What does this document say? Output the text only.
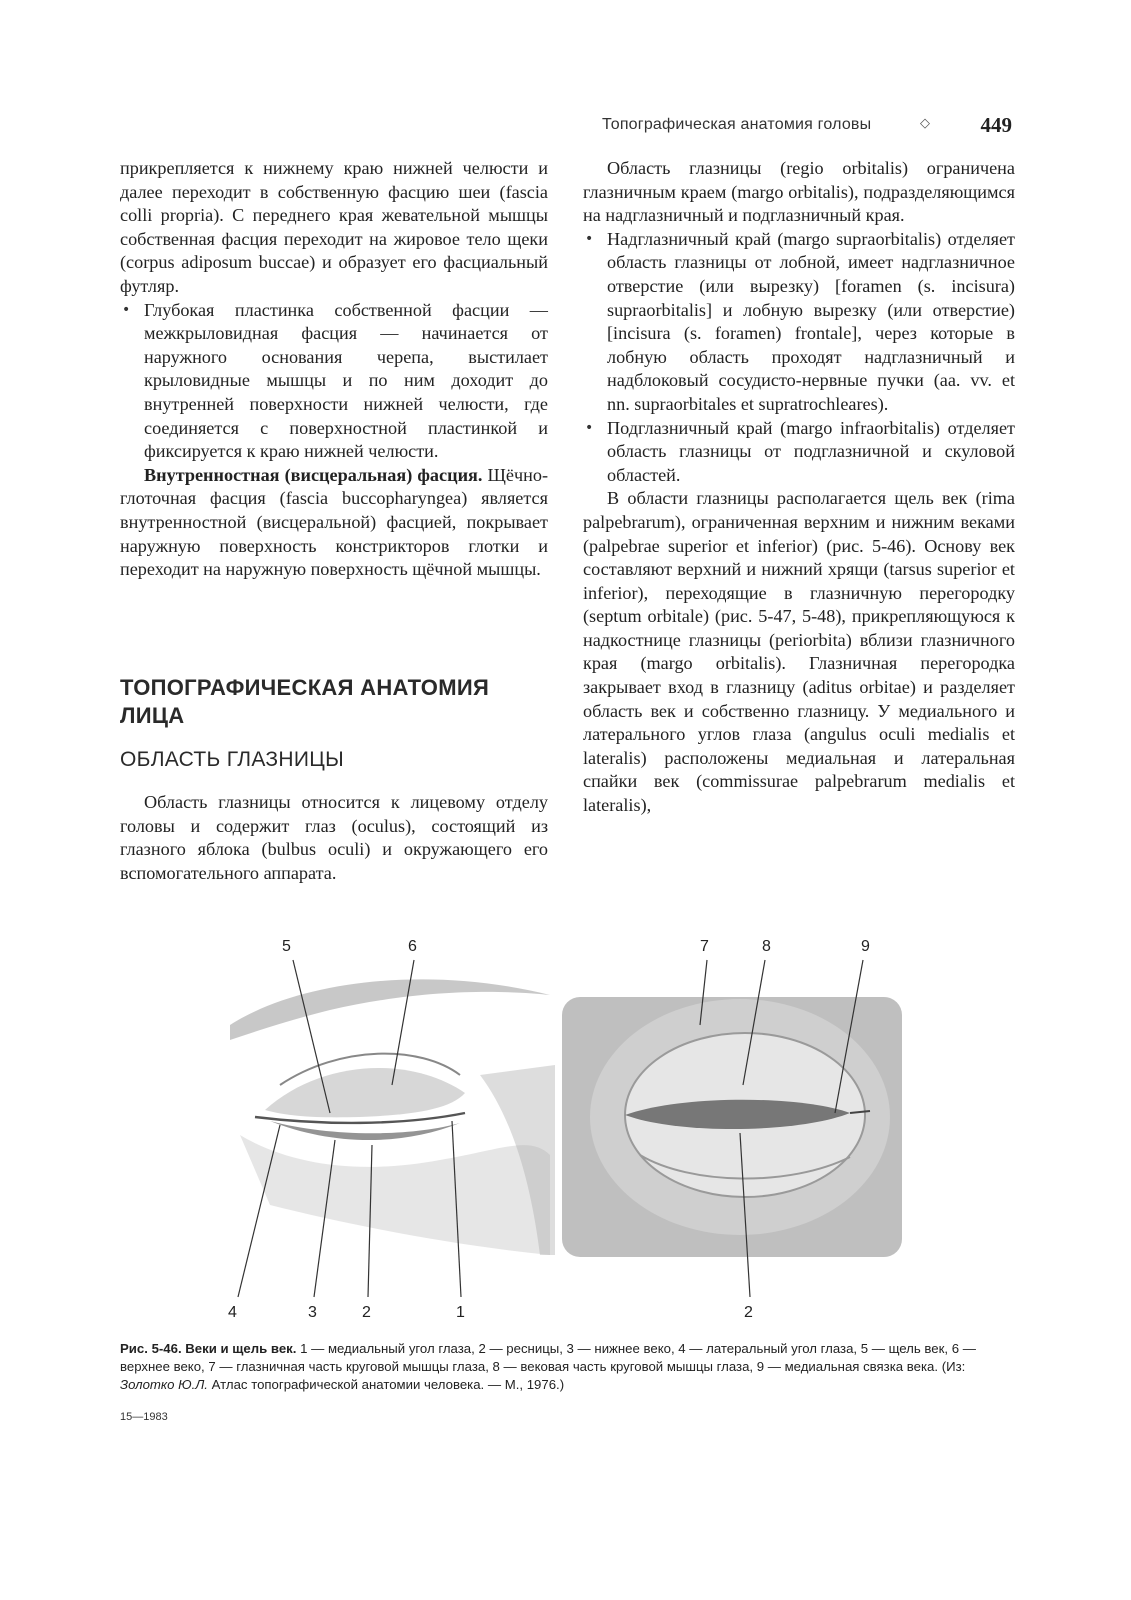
Топографическая анатомия головы	◇ 449

прикрепляется к нижнему краю нижней челюсти и далее переходит в собственную фасцию шеи (fascia colli propria). С переднего края жевательной мышцы собственная фасция переходит на жировое тело щеки (corpus adiposum buccae) и образует его фасциальный футляр.

• Глубокая пластинка собственной фасции — межкрыловидная фасция — начинается от наружного основания черепа, выстилает крыловидные мышцы и по ним доходит до внутренней поверхности нижней челюсти, где соединяется с поверхностной пластинкой и фиксируется к краю нижней челюсти.

Внутренностная (висцеральная) фасция. Щёчно-глоточная фасция (fascia buccopharyngea) является внутренностной (висцеральной) фасцией, покрывает наружную поверхность констрикторов глотки и переходит на наружную поверхность щёчной мышцы.

ТОПОГРАФИЧЕСКАЯ АНАТОМИЯ ЛИЦА
ОБЛАСТЬ ГЛАЗНИЦЫ

Область глазницы относится к лицевому отделу головы и содержит глаз (oculus), состоящий из глазного яблока (bulbus oculi) и окружающего его вспомогательного аппарата.

Область глазницы (regio orbitalis) ограничена глазничным краем (margo orbitalis), подразделяющимся на надглазничный и подглазничный края.

• Надглазничный край (margo supraorbitalis) отделяет область глазницы от лобной, имеет надглазничное отверстие (или вырезку) [foramen (s. incisura) supraorbitalis] и лобную вырезку (или отверстие) [incisura (s. foramen) frontale], через которые в лобную область проходят надглазничный и надблоковый сосудисто-нервные пучки (aa. vv. et nn. supraorbitales et supratrochleares).

• Подглазничный край (margo infraorbitalis) отделяет область глазницы от подглазничной и скуловой областей.

В области глазницы располагается щель век (rima palpebrarum), ограниченная верхним и нижним веками (palpebrae superior et inferior) (рис. 5-46). Основу век составляют верхний и нижний хрящи (tarsus superior et inferior), переходящие в глазничную перегородку (septum orbitale) (рис. 5-47, 5-48), прикрепляющуюся к надкостнице глазницы (periorbita) вблизи глазничного края (margo orbitalis). Глазничная перегородка закрывает вход в глазницу (aditus orbitae) и разделяет область век и собственно глазницу. У медиального и латерального углов глаза (angulus oculi medialis et lateralis) расположены медиальная и латеральная спайки век (commissurae palpebrarum medialis et lateralis),

5	6	7	8	9
4	3	2	1	2
Рис. 5-46. Веки и щель век. 1 — медиальный угол глаза, 2 — ресницы, 3 — нижнее веко, 4 — латеральный угол глаза, 5 — щель век, 6 — верхнее веко, 7 — глазничная часть круговой мышцы глаза, 8 — вековая часть круговой мышцы глаза, 9 — медиальная связка века. (Из: Золотко Ю.Л. Атлас топографической анатомии человека. — М., 1976.)
15—1983
